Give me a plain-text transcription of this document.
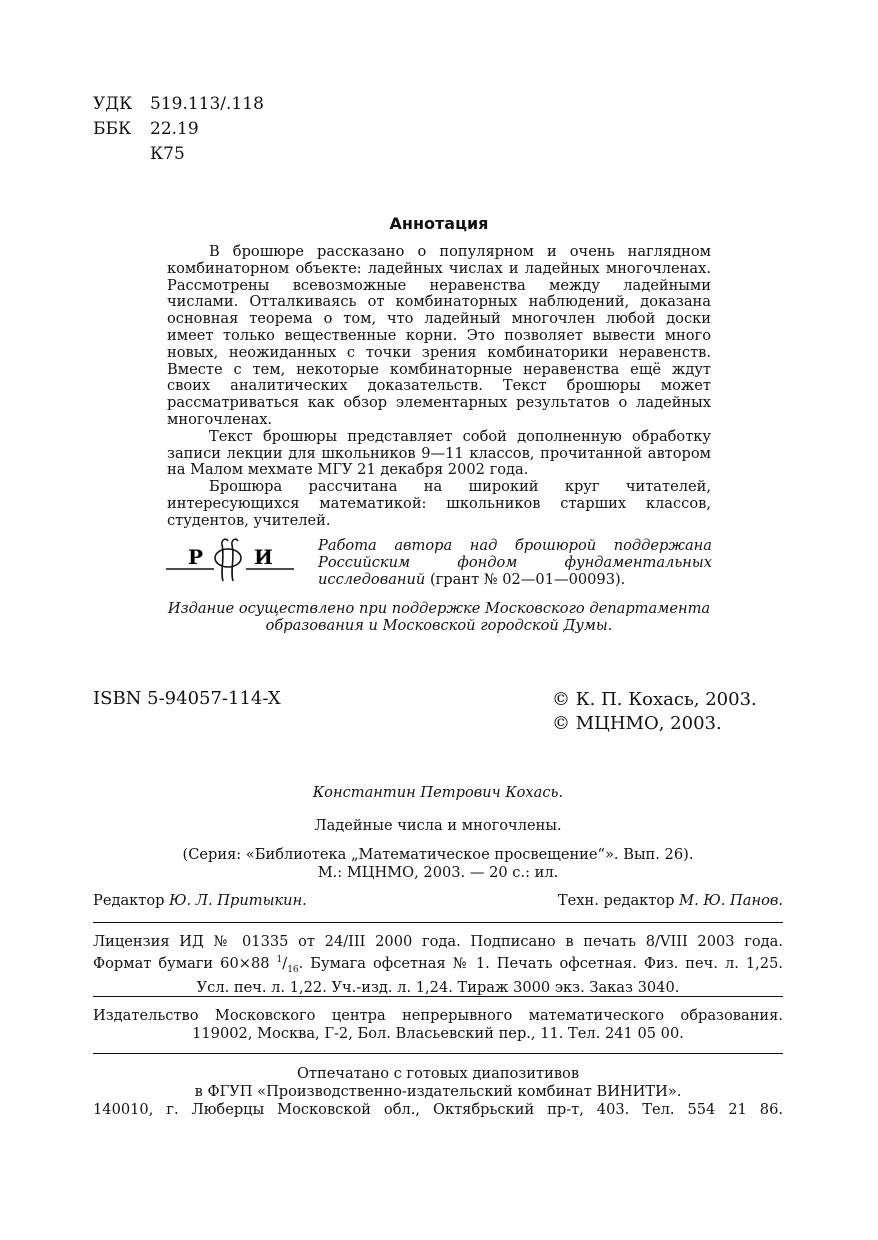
УДК	519.113/.118
ББК	22.19
К75
Аннотация

В брошюре рассказано о популярном и очень наглядном комбинаторном объекте: ладейных числах и ладейных многочленах. Рассмотрены всевозможные неравенства между ладейными числами. Отталкиваясь от комбинаторных наблюдений, доказана основная теорема о том, что ладейный многочлен любой доски имеет только вещественные корни. Это позволяет вывести много новых, неожиданных с точки зрения комбинаторики неравенств. Вместе с тем, некоторые комбинаторные неравенства ещё ждут своих аналитических доказательств. Текст брошюры может рассматриваться как обзор элементарных результатов о ладейных многочленах.

Текст брошюры представляет собой дополненную обработку записи лекции для школьников 9—11 классов, прочитанной автором на Малом мехмате МГУ 21 декабря 2002 года.

Брошюра рассчитана на широкий круг читателей, интересующихся математикой: школьников старших классов, студентов, учителей.

Р	И	Работа автора над брошюрой поддержана Российским фондом фундаментальных исследований (грант № 02—01—00093).
Издание осуществлено при поддержке Московского департамента образования и Московской городской Думы.
ISBN 5-94057-114-X	© К. П. Кохась, 2003.
© МЦНМО, 2003.
Константин Петрович Кохась.
Ладейные числа и многочлены.
(Серия: «Библиотека „Математическое просвещение“». Вып. 26).
М.: МЦНМО, 2003. — 20 с.: ил.
Редактор Ю. Л. Притыкин.	Техн. редактор М. Ю. Панов.
Лицензия ИД № 01335 от 24/III 2000 года. Подписано в печать 8/VIII 2003 года.
Формат бумаги 60×88 $^1/_{16}$. Бумага офсетная № 1. Печать офсетная. Физ. печ. л. 1,25.
Усл. печ. л. 1,22. Уч.-изд. л. 1,24. Тираж 3000 экз. Заказ 3040.
Издательство Московского центра непрерывного математического образования.
119002, Москва, Г-2, Бол. Власьевский пер., 11. Тел. 241 05 00.
Отпечатано с готовых диапозитивов
в ФГУП «Производственно-издательский комбинат ВИНИТИ».
140010, г. Люберцы Московской обл., Октябрьский пр-т, 403. Тел. 554 21 86.
